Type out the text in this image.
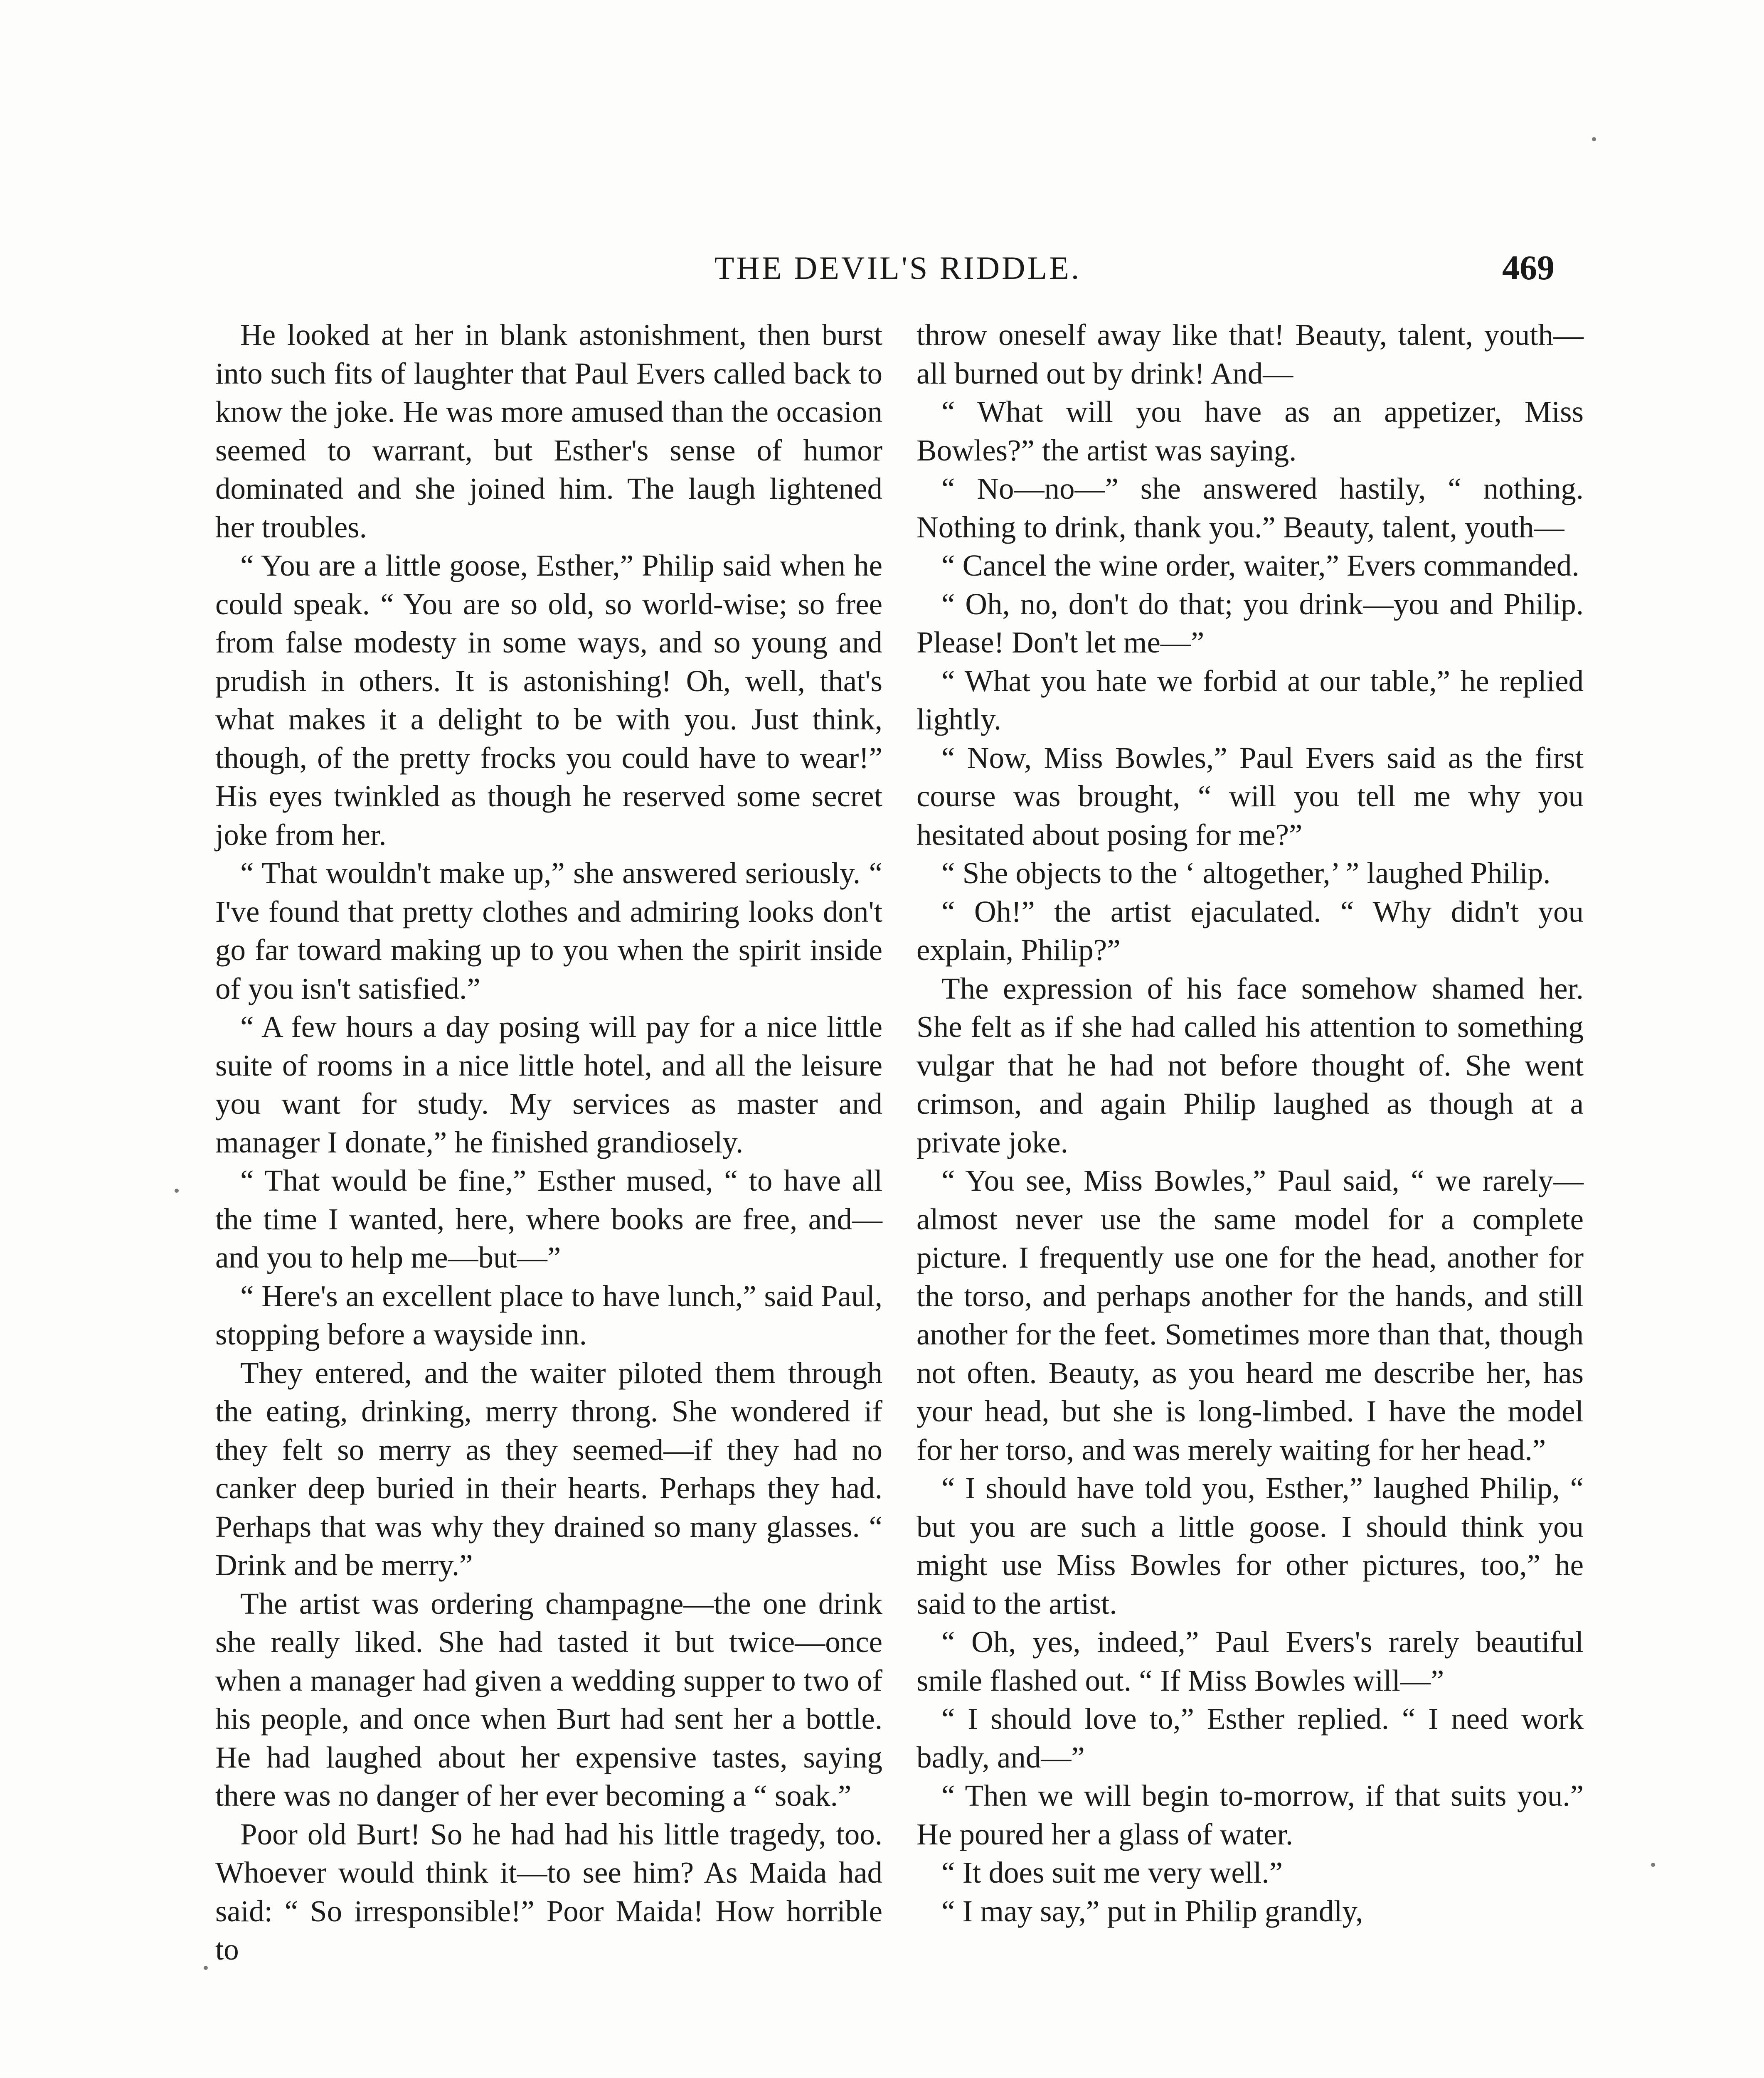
THE DEVIL'S RIDDLE.	469

He looked at her in blank astonishment, then burst into such fits of laughter that Paul Evers called back to know the joke. He was more amused than the occasion seemed to warrant, but Esther's sense of humor dominated and she joined him. The laugh lightened her troubles.

“ You are a little goose, Esther,” Philip said when he could speak. “ You are so old, so world-wise; so free from false modesty in some ways, and so young and prudish in others. It is astonishing! Oh, well, that's what makes it a delight to be with you. Just think, though, of the pretty frocks you could have to wear!” His eyes twinkled as though he reserved some secret joke from her.

“ That wouldn't make up,” she answered seriously. “ I've found that pretty clothes and admiring looks don't go far toward making up to you when the spirit inside of you isn't satisfied.”

“ A few hours a day posing will pay for a nice little suite of rooms in a nice little hotel, and all the leisure you want for study. My services as master and manager I donate,” he finished grandiosely.

“ That would be fine,” Esther mused, “ to have all the time I wanted, here, where books are free, and—and you to help me—but—”

“ Here's an excellent place to have lunch,” said Paul, stopping before a wayside inn.

They entered, and the waiter piloted them through the eating, drinking, merry throng. She wondered if they felt so merry as they seemed—if they had no canker deep buried in their hearts. Perhaps they had. Perhaps that was why they drained so many glasses. “ Drink and be merry.”

The artist was ordering champagne—the one drink she really liked. She had tasted it but twice—once when a manager had given a wedding supper to two of his people, and once when Burt had sent her a bottle. He had laughed about her expensive tastes, saying there was no danger of her ever becoming a “ soak.”

Poor old Burt! So he had had his little tragedy, too. Whoever would think it—to see him? As Maida had said: “ So irresponsible!” Poor Maida! How horrible to

throw oneself away like that! Beauty, talent, youth—all burned out by drink! And—

“ What will you have as an appetizer, Miss Bowles?” the artist was saying.

“ No—no—” she answered hastily, “ nothing. Nothing to drink, thank you.” Beauty, talent, youth—

“ Cancel the wine order, waiter,” Evers commanded.

“ Oh, no, don't do that; you drink—you and Philip. Please! Don't let me—”

“ What you hate we forbid at our table,” he replied lightly.

“ Now, Miss Bowles,” Paul Evers said as the first course was brought, “ will you tell me why you hesitated about posing for me?”

“ She objects to the ‘ altogether,’ ” laughed Philip.

“ Oh!” the artist ejaculated. “ Why didn't you explain, Philip?”

The expression of his face somehow shamed her. She felt as if she had called his attention to something vulgar that he had not before thought of. She went crimson, and again Philip laughed as though at a private joke.

“ You see, Miss Bowles,” Paul said, “ we rarely—almost never use the same model for a complete picture. I frequently use one for the head, another for the torso, and perhaps another for the hands, and still another for the feet. Sometimes more than that, though not often. Beauty, as you heard me describe her, has your head, but she is long-limbed. I have the model for her torso, and was merely waiting for her head.”

“ I should have told you, Esther,” laughed Philip, “ but you are such a little goose. I should think you might use Miss Bowles for other pictures, too,” he said to the artist.

“ Oh, yes, indeed,” Paul Evers's rarely beautiful smile flashed out. “ If Miss Bowles will—”

“ I should love to,” Esther replied. “ I need work badly, and—”

“ Then we will begin to-morrow, if that suits you.” He poured her a glass of water.

“ It does suit me very well.”

“ I may say,” put in Philip grandly,
